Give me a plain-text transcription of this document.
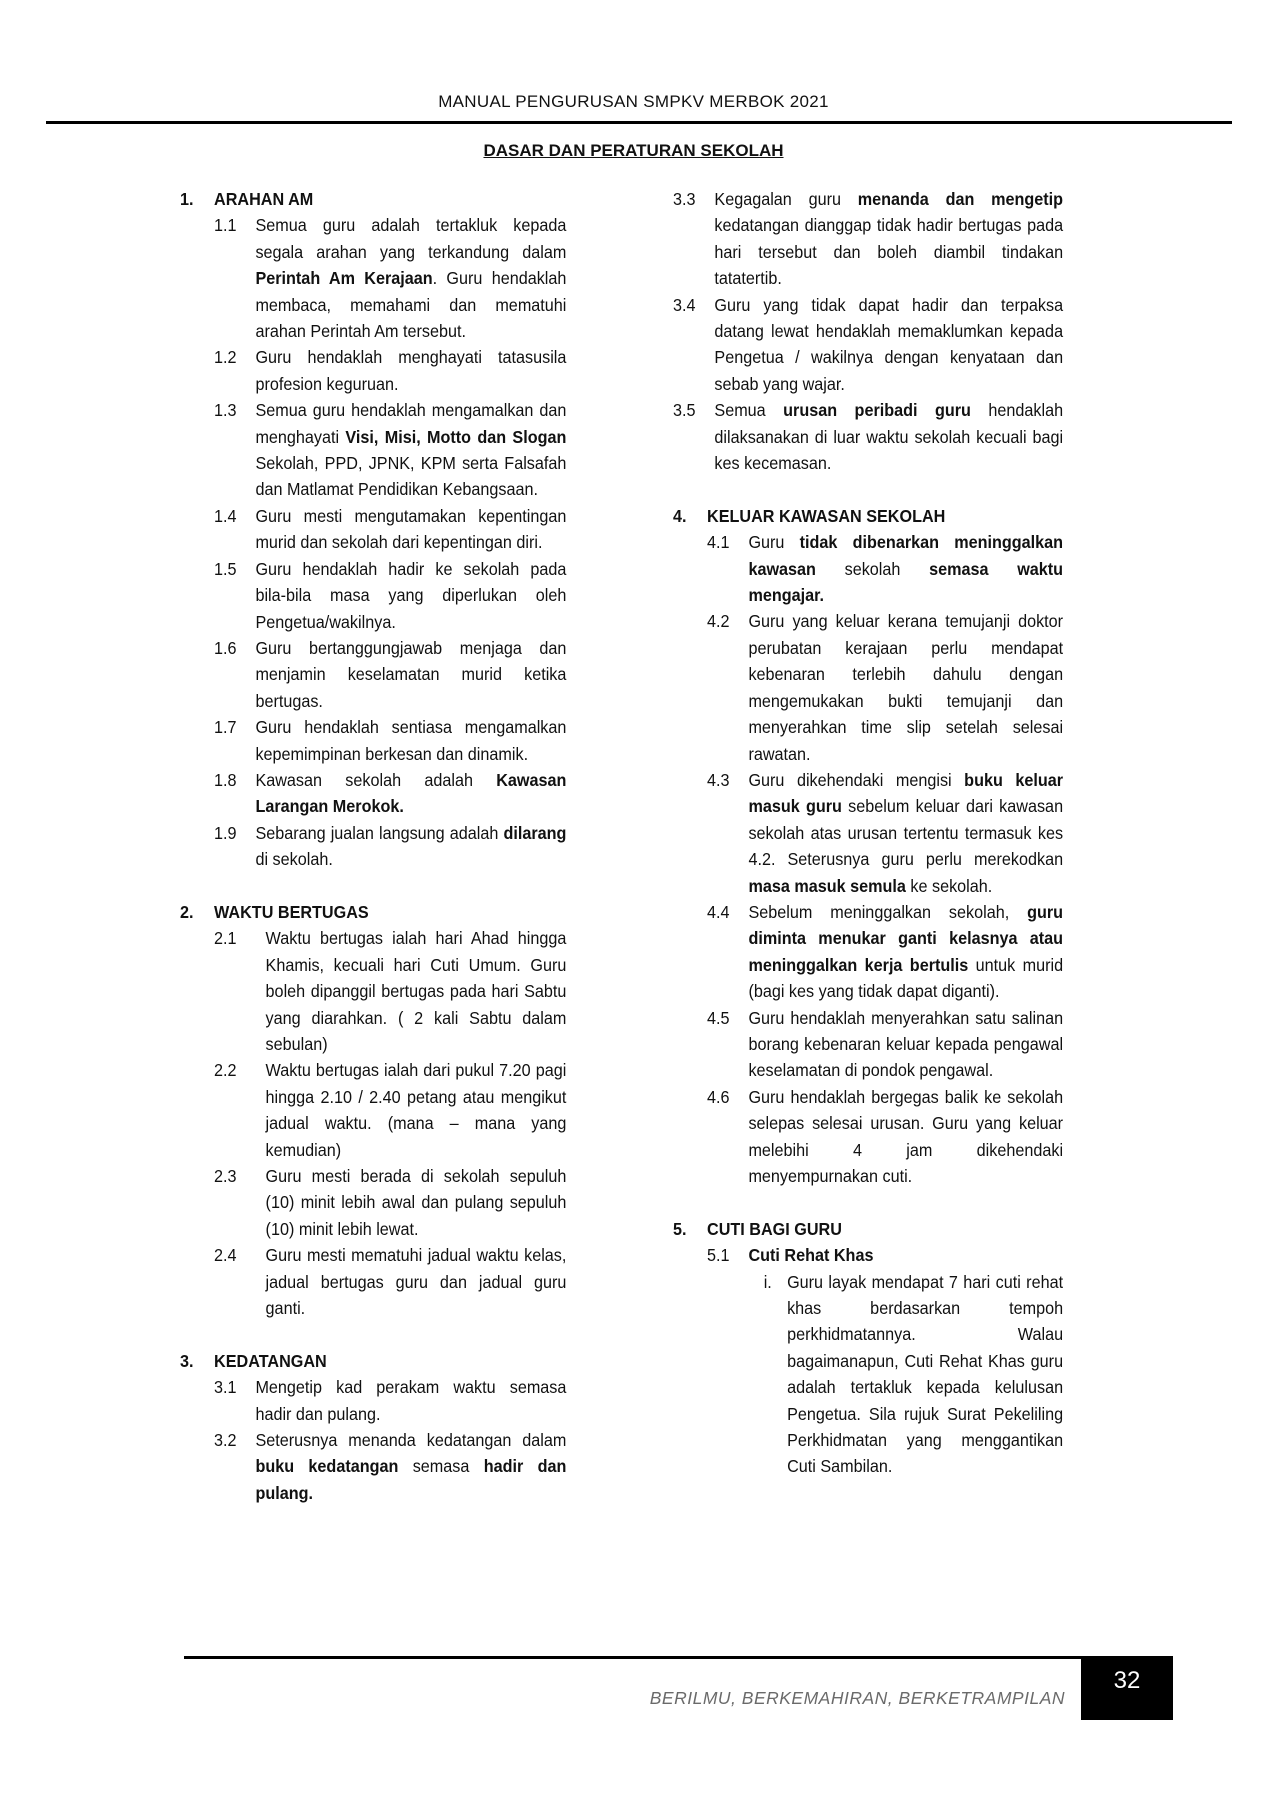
MANUAL PENGURUSAN SMPKV MERBOK 2021
DASAR DAN PERATURAN SEKOLAH
1.	ARAHAN AM
1.1	Semua guru adalah tertakluk kepada segala arahan yang terkandung dalam Perintah Am Kerajaan. Guru hendaklah membaca, memahami dan mematuhi arahan Perintah Am tersebut.
1.2	Guru hendaklah menghayati tatasusila profesion keguruan.
1.3	Semua guru hendaklah mengamalkan dan menghayati Visi, Misi, Motto dan Slogan Sekolah, PPD, JPNK, KPM serta Falsafah dan Matlamat Pendidikan Kebangsaan.
1.4	Guru mesti mengutamakan kepentingan murid dan sekolah dari kepentingan diri.
1.5	Guru hendaklah hadir ke sekolah pada bila-bila masa yang diperlukan oleh Pengetua/wakilnya.
1.6	Guru bertanggungjawab menjaga dan menjamin keselamatan murid ketika bertugas.
1.7	Guru hendaklah sentiasa mengamalkan kepemimpinan berkesan dan dinamik.
1.8	Kawasan sekolah adalah Kawasan Larangan Merokok.
1.9	Sebarang jualan langsung adalah dilarang di sekolah.
2.	WAKTU BERTUGAS
2.1	Waktu bertugas ialah hari Ahad hingga Khamis, kecuali hari Cuti Umum. Guru boleh dipanggil bertugas pada hari Sabtu yang diarahkan. ( 2 kali Sabtu dalam sebulan)
2.2	Waktu bertugas ialah dari pukul 7.20 pagi hingga 2.10 / 2.40 petang atau mengikut jadual waktu. (mana – mana yang kemudian)
2.3	Guru mesti berada di sekolah sepuluh (10) minit lebih awal dan pulang sepuluh (10) minit lebih lewat.
2.4	Guru mesti mematuhi jadual waktu kelas, jadual bertugas guru dan jadual guru ganti.
3.	KEDATANGAN
3.1	Mengetip kad perakam waktu semasa hadir dan pulang.
3.2	Seterusnya menanda kedatangan dalam buku kedatangan semasa hadir dan pulang.
3.3	Kegagalan guru menanda dan mengetip kedatangan dianggap tidak hadir bertugas pada hari tersebut dan boleh diambil tindakan tatatertib.
3.4	Guru yang tidak dapat hadir dan terpaksa datang lewat hendaklah memaklumkan kepada Pengetua / wakilnya dengan kenyataan dan sebab yang wajar.
3.5	Semua urusan peribadi guru hendaklah dilaksanakan di luar waktu sekolah kecuali bagi kes kecemasan.
4.	KELUAR KAWASAN SEKOLAH
4.1	Guru tidak dibenarkan meninggalkan kawasan sekolah semasa waktu mengajar.
4.2	Guru yang keluar kerana temujanji doktor perubatan kerajaan perlu mendapat kebenaran terlebih dahulu dengan mengemukakan bukti temujanji dan menyerahkan time slip setelah selesai rawatan.
4.3	Guru dikehendaki mengisi buku keluar masuk guru sebelum keluar dari kawasan sekolah atas urusan tertentu termasuk kes 4.2. Seterusnya guru perlu merekodkan masa masuk semula ke sekolah.
4.4	Sebelum meninggalkan sekolah, guru diminta menukar ganti kelasnya atau meninggalkan kerja bertulis untuk murid (bagi kes yang tidak dapat diganti).
4.5	Guru hendaklah menyerahkan satu salinan borang kebenaran keluar kepada pengawal keselamatan di pondok pengawal.
4.6	Guru hendaklah bergegas balik ke sekolah selepas selesai urusan. Guru yang keluar melebihi 4 jam dikehendaki menyempurnakan cuti.
5.	CUTI BAGI GURU
5.1	Cuti Rehat Khas
i. Guru layak mendapat 7 hari cuti rehat khas berdasarkan tempoh perkhidmatannya. Walau bagaimanapun, Cuti Rehat Khas guru adalah tertakluk kepada kelulusan Pengetua. Sila rujuk Surat Pekeliling Perkhidmatan yang menggantikan Cuti Sambilan.
BERILMU, BERKEMAHIRAN, BERKETRAMPILAN
32
